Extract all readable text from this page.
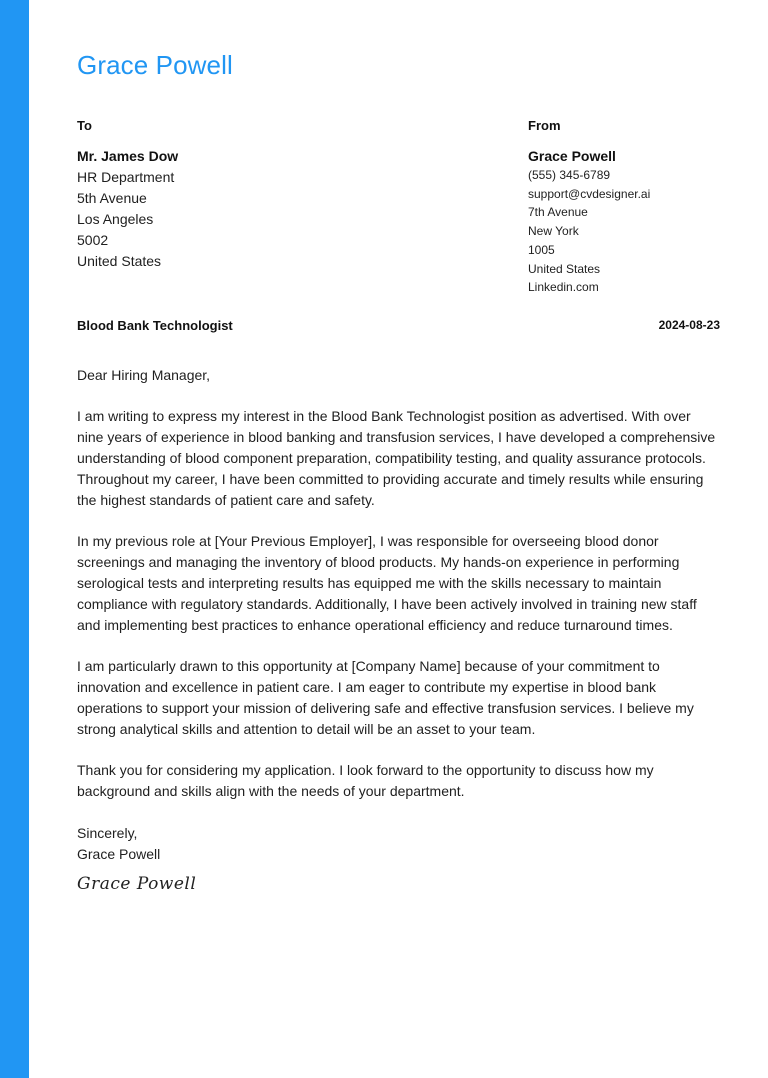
Grace Powell
To	From
Mr. James Dow
HR Department
5th Avenue
Los Angeles
5002
United States
Grace Powell
(555) 345-6789
support@cvdesigner.ai
7th Avenue
New York
1005
United States
Linkedin.com
Blood Bank Technologist	2024-08-23

Dear Hiring Manager,

I am writing to express my interest in the Blood Bank Technologist position as advertised. With over nine years of experience in blood banking and transfusion services, I have developed a comprehensive understanding of blood component preparation, compatibility testing, and quality assurance protocols. Throughout my career, I have been committed to providing accurate and timely results while ensuring the highest standards of patient care and safety.

In my previous role at [Your Previous Employer], I was responsible for overseeing blood donor screenings and managing the inventory of blood products. My hands-on experience in performing serological tests and interpreting results has equipped me with the skills necessary to maintain compliance with regulatory standards. Additionally, I have been actively involved in training new staff and implementing best practices to enhance operational efficiency and reduce turnaround times.

I am particularly drawn to this opportunity at [Company Name] because of your commitment to innovation and excellence in patient care. I am eager to contribute my expertise in blood bank operations to support your mission of delivering safe and effective transfusion services. I believe my strong analytical skills and attention to detail will be an asset to your team.

Thank you for considering my application. I look forward to the opportunity to discuss how my background and skills align with the needs of your department.

Sincerely,
Grace Powell
Grace Powell
